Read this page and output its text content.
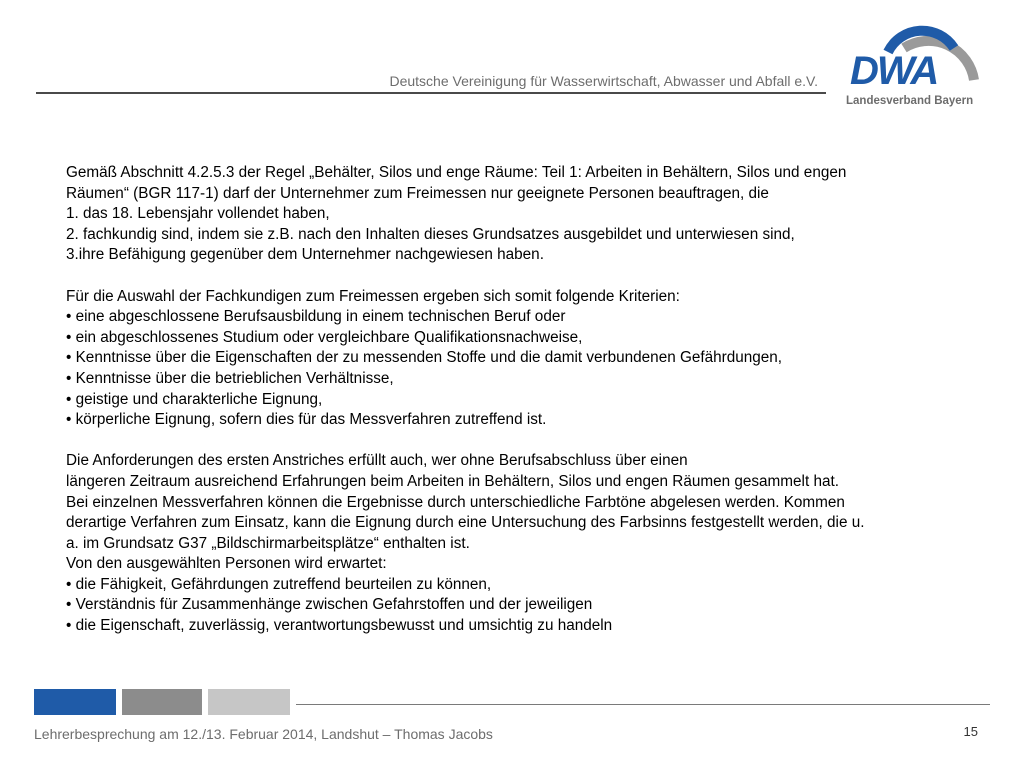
Deutsche Vereinigung für Wasserwirtschaft, Abwasser und Abfall e.V. DWA
Landesverband Bayern

Gemäß Abschnitt 4.2.5.3 der Regel „Behälter, Silos und enge Räume: Teil 1: Arbeiten in Behältern, Silos und engen

Räumen“ (BGR 117-1) darf der Unternehmer zum Freimessen nur geeignete Personen beauftragen, die

1. das 18. Lebensjahr vollendet haben,

2. fachkundig sind, indem sie z.B. nach den Inhalten dieses Grundsatzes ausgebildet und unterwiesen sind,

3.ihre Befähigung gegenüber dem Unternehmer nachgewiesen haben.

Für die Auswahl der Fachkundigen zum Freimessen ergeben sich somit folgende Kriterien:

• eine abgeschlossene Berufsausbildung in einem technischen Beruf oder

• ein abgeschlossenes Studium oder vergleichbare Qualifikationsnachweise,

• Kenntnisse über die Eigenschaften der zu messenden Stoffe und die damit verbundenen Gefährdungen,

• Kenntnisse über die betrieblichen Verhältnisse,

• geistige und charakterliche Eignung,

• körperliche Eignung, sofern dies für das Messverfahren zutreffend ist.

Die Anforderungen des ersten Anstriches erfüllt auch, wer ohne Berufsabschluss über einen

längeren Zeitraum ausreichend Erfahrungen beim Arbeiten in Behältern, Silos und engen Räumen gesammelt hat.

Bei einzelnen Messverfahren können die Ergebnisse durch unterschiedliche Farbtöne abgelesen werden. Kommen

derartige Verfahren zum Einsatz, kann die Eignung durch eine Untersuchung des Farbsinns festgestellt werden, die u.

a. im Grundsatz G37 „Bildschirmarbeitsplätze“ enthalten ist.

Von den ausgewählten Personen wird erwartet:

• die Fähigkeit, Gefährdungen zutreffend beurteilen zu können,

• Verständnis für Zusammenhänge zwischen Gefahrstoffen und der jeweiligen

• die Eigenschaft, zuverlässig, verantwortungsbewusst und umsichtig zu handeln

Lehrerbesprechung am 12./13. Februar 2014, Landshut – Thomas Jacobs	15
